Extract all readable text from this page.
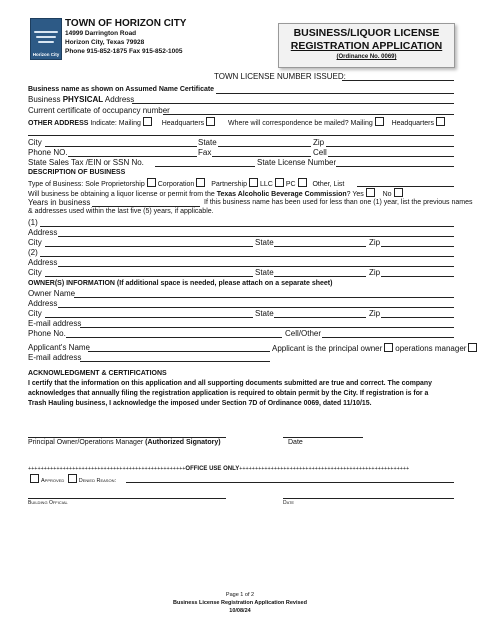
Horizon City
TOWN OF HORIZON CITY
14999 Darrington Road
Horizon City, Texas 79928
Phone 915-852-1875 Fax 915-852-1005
BUSINESS/LIQUOR LICENSE
REGISTRATION APPLICATION
(Ordinance No. 0069)
TOWN LICENSE NUMBER ISSUED:
Business name as shown on Assumed Name Certificate
Business PHYSICAL Address
Current certificate of occupancy number
OTHER ADDRESS Indicate: Mailing	Headquarters	Where will correspondence be mailed? Mailing	Headquarters
City	State	Zip
Phone NO.	Fax	Cell
State Sales Tax /EIN or SSN No.	State License Number
DESCRIPTION OF BUSINESS
Type of Business: Sole Proprietorship Corporation Partnership LLC PC Other, List
Will business be obtaining a liquor license or permit from the Texas Alcoholic Beverage Commission? Yes	No
Years in business	If this business name has been used for less than one (1) year, list the previous names
& addresses used within the last five (5) years, if applicable.
(1)
Address
City	State	Zip
(2)
Address
City	State	Zip
OWNER(S) INFORMATION (If additional space is needed, please attach on a separate sheet)
Owner Name
Address
City	State	Zip
E-mail address
Phone No.	Cell/Other
Applicant's Name	Applicant is the principal owner operations manager
E-mail address
ACKNOWLEDGMENT & CERTIFICATIONS
I certify that the information on this application and all supporting documents submitted are true and correct. The company
acknowledges that annually filing the registration application is required to obtain permit by the City. If registration is for a
Trash Hauling business, I acknowledge the imposed under Section 7D of Ordinance 0069, dated 11/10/15.
Principal Owner/Operations Manager (Authorized Signatory)	Date
++++++++++++++++++++++++++++++++++++++++++++++++++OFFICE USE ONLY++++++++++++++++++++++++++++++++++++++++++++++++++++++
Approved	Denied Reason:
Building Official	Date
Page 1 of 2
Business License Registration Application Revised
10/08/24
